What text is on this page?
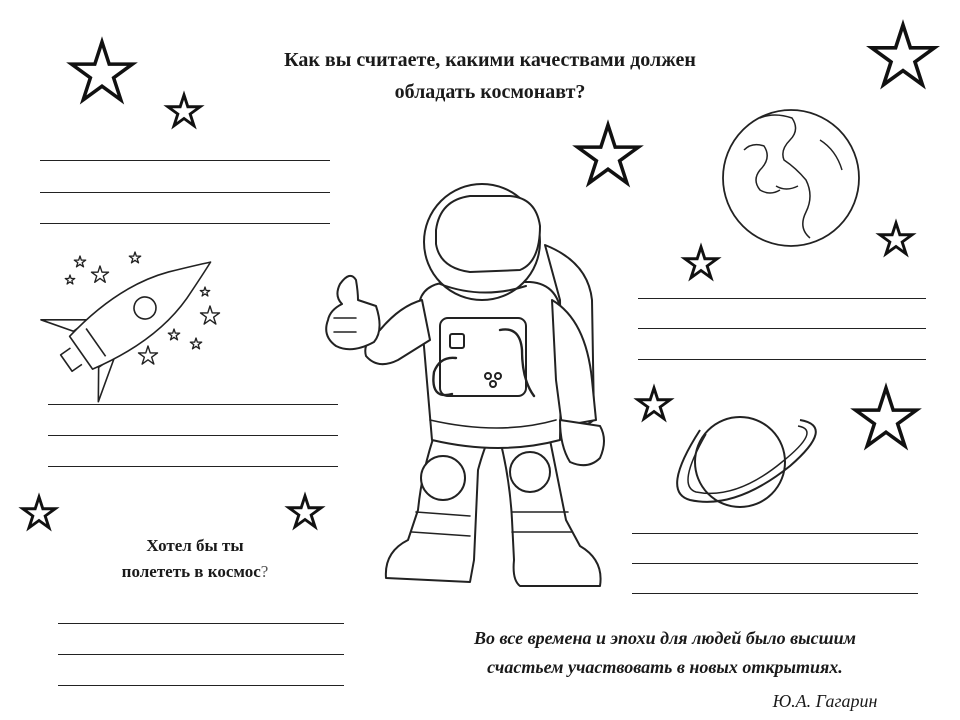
Как вы считаете, какими качествами должен
обладать космонавт?
Хотел бы ты
полететь в космос?
Во все времена и эпохи для людей было высшим
счастьем участвовать в новых открытиях.
Ю.А. Гагарин
